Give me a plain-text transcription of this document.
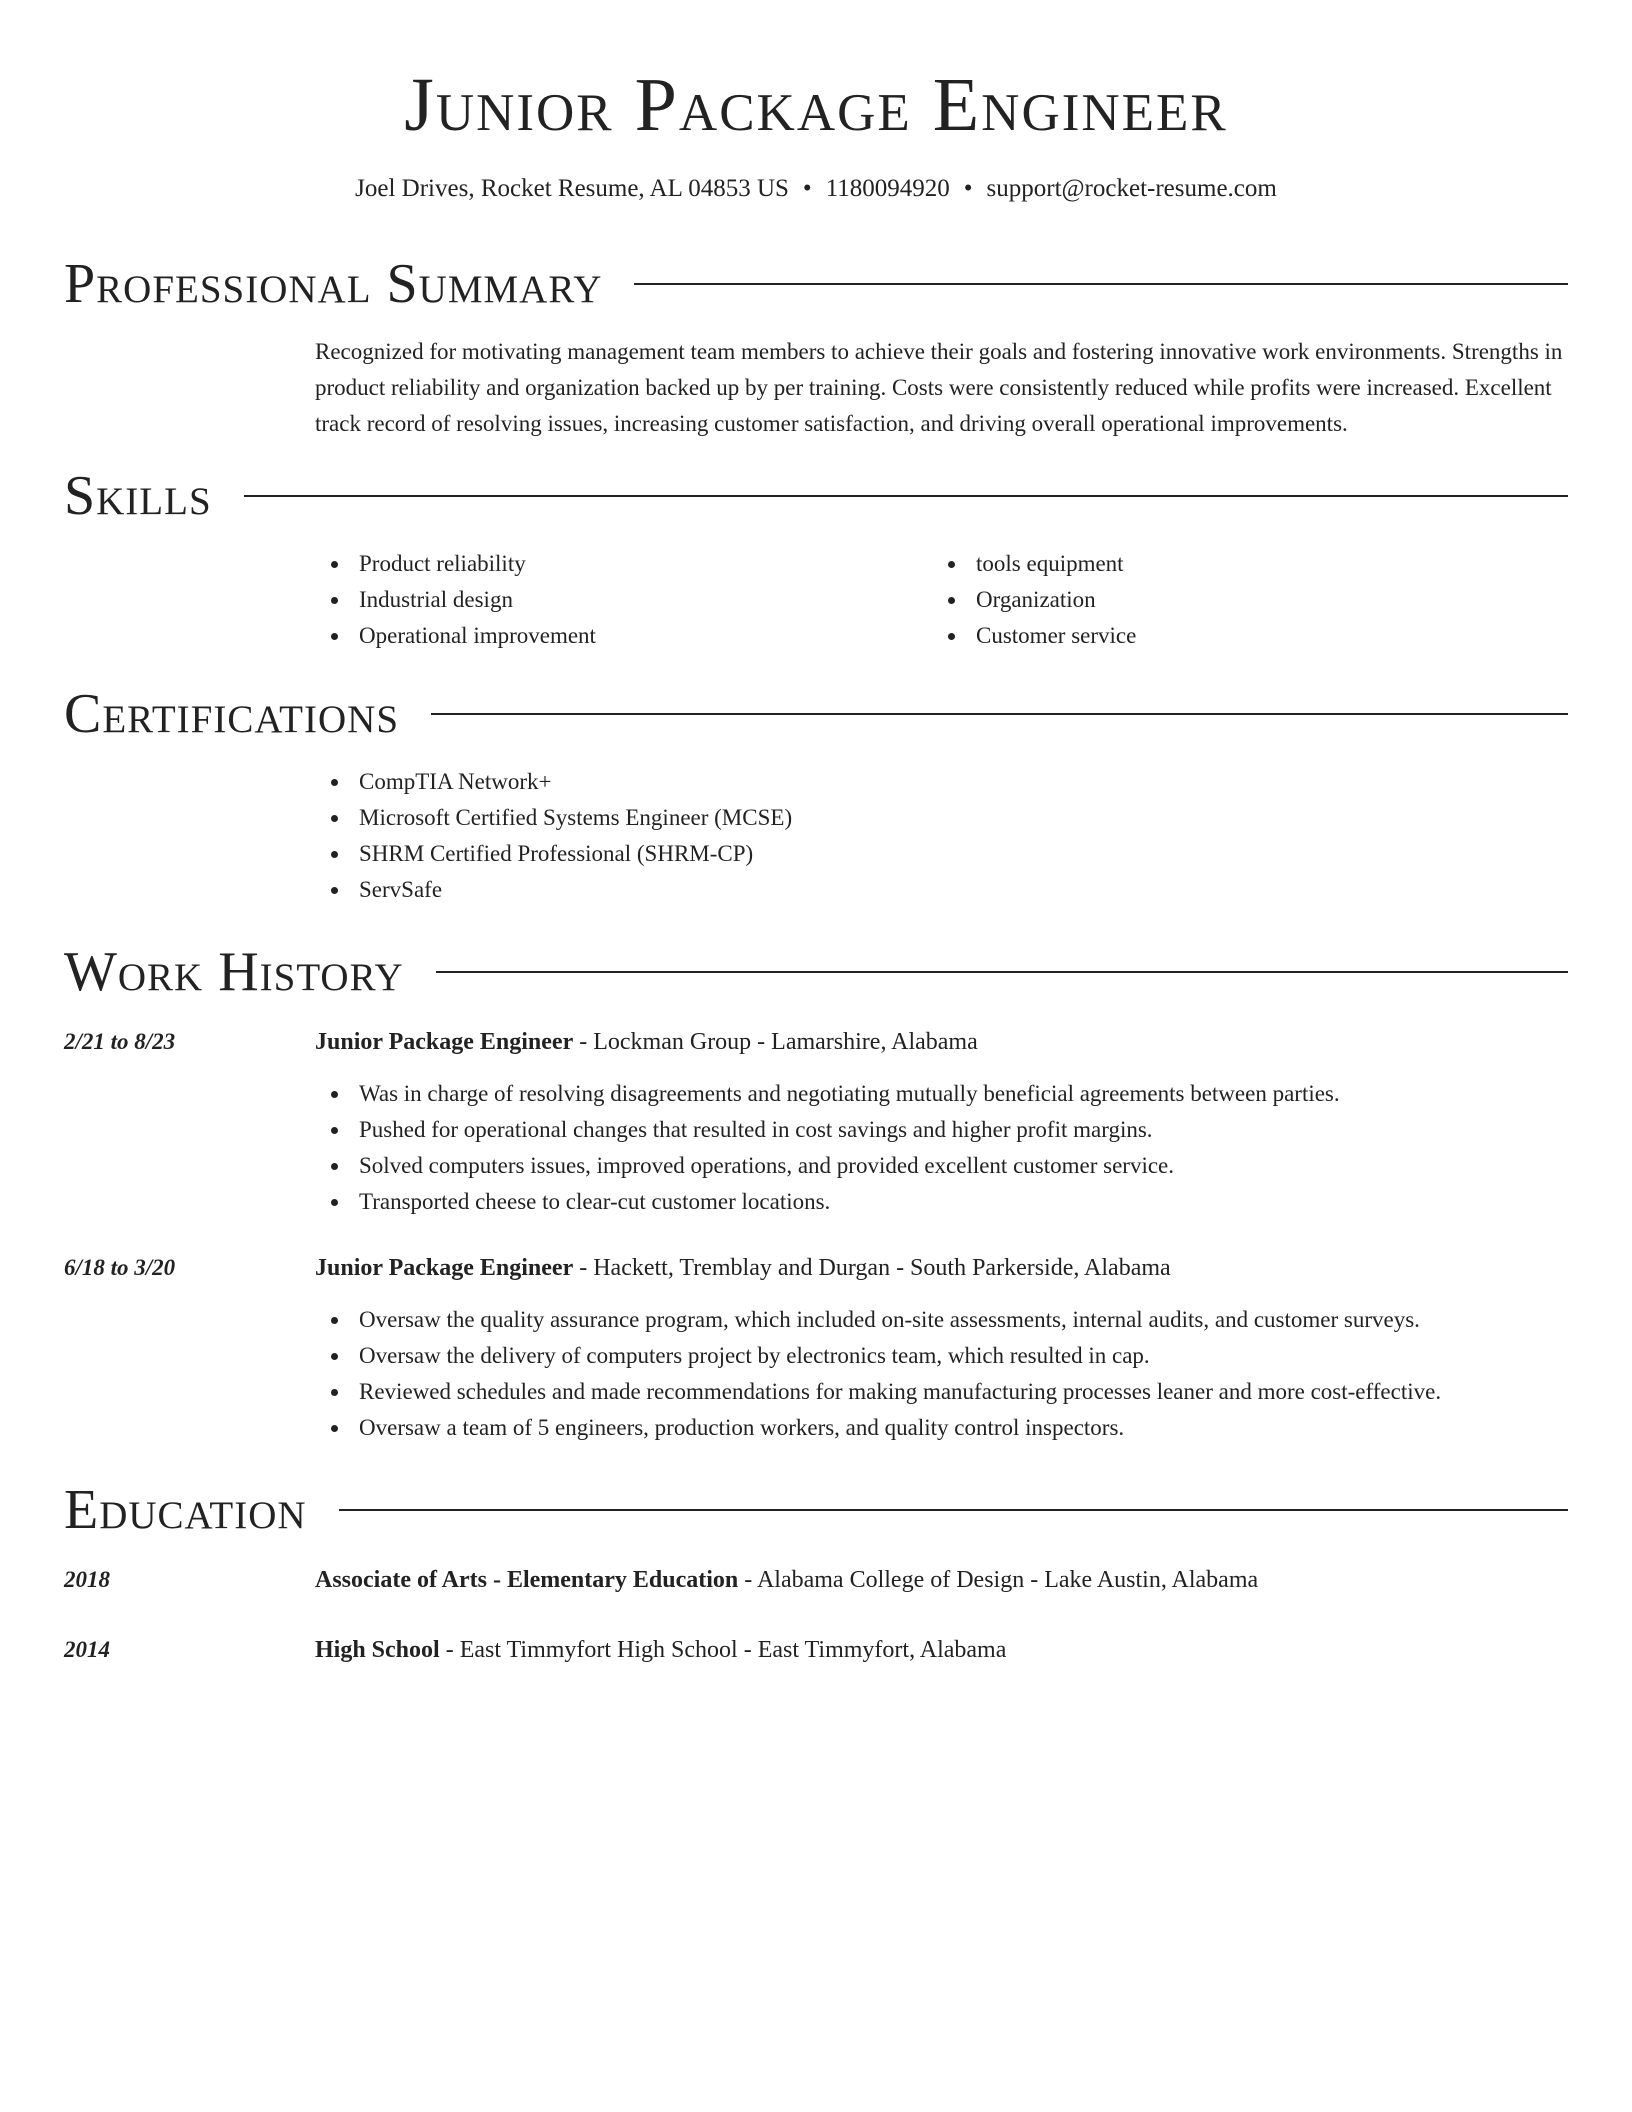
Junior Package Engineer
Joel Drives, Rocket Resume, AL 04853 US • 1180094920 • support@rocket-resume.com
Professional Summary
Recognized for motivating management team members to achieve their goals and fostering innovative work environments. Strengths in product reliability and organization backed up by per training. Costs were consistently reduced while profits were increased. Excellent track record of resolving issues, increasing customer satisfaction, and driving overall operational improvements.
Skills
Product reliability
Industrial design
Operational improvement
tools equipment
Organization
Customer service
Certifications
CompTIA Network+
Microsoft Certified Systems Engineer (MCSE)
SHRM Certified Professional (SHRM-CP)
ServSafe
Work History
2/21 to 8/23	Junior Package Engineer - Lockman Group - Lamarshire, Alabama
Was in charge of resolving disagreements and negotiating mutually beneficial agreements between parties.
Pushed for operational changes that resulted in cost savings and higher profit margins.
Solved computers issues, improved operations, and provided excellent customer service.
Transported cheese to clear-cut customer locations.
6/18 to 3/20	Junior Package Engineer - Hackett, Tremblay and Durgan - South Parkerside, Alabama
Oversaw the quality assurance program, which included on-site assessments, internal audits, and customer surveys.
Oversaw the delivery of computers project by electronics team, which resulted in cap.
Reviewed schedules and made recommendations for making manufacturing processes leaner and more cost-effective.
Oversaw a team of 5 engineers, production workers, and quality control inspectors.
Education
2018	Associate of Arts - Elementary Education - Alabama College of Design - Lake Austin, Alabama
2014	High School - East Timmyfort High School - East Timmyfort, Alabama
